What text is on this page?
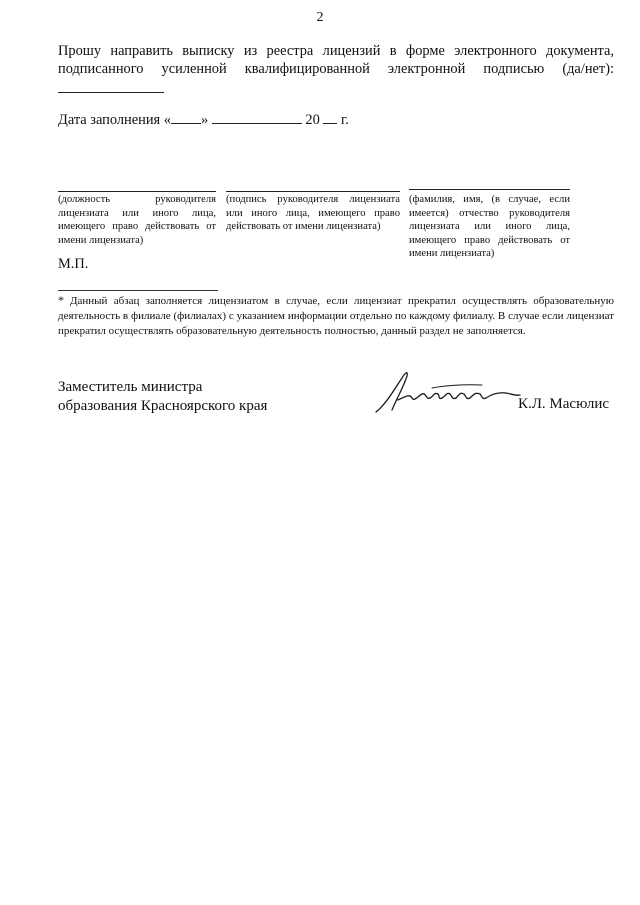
2
Прошу направить выписку из реестра лицензий в форме электронного документа, подписанного усиленной квалифицированной электронной подписью (да/нет):
Дата заполнения « »	20 г.
(должность руководителя лицензиата или иного лица, имеющего право действовать от имени лицензиата)
(подпись руководителя лицензиата или иного лица, имеющего право действовать от имени лицензиата)
(фамилия, имя, (в случае, если имеется) отчество руководителя лицензиата или иного лица, имеющего право действовать от имени лицензиата)
М.П.
* Данный абзац заполняется лицензиатом в случае, если лицензиат прекратил осуществлять образовательную деятельность в филиале (филиалах) с указанием информации отдельно по каждому филиалу. В случае если лицензиат прекратил осуществлять образовательную деятельность полностью, данный раздел не заполняется.
Заместитель министра
образования Красноярского края	К.Л. Масюлис
